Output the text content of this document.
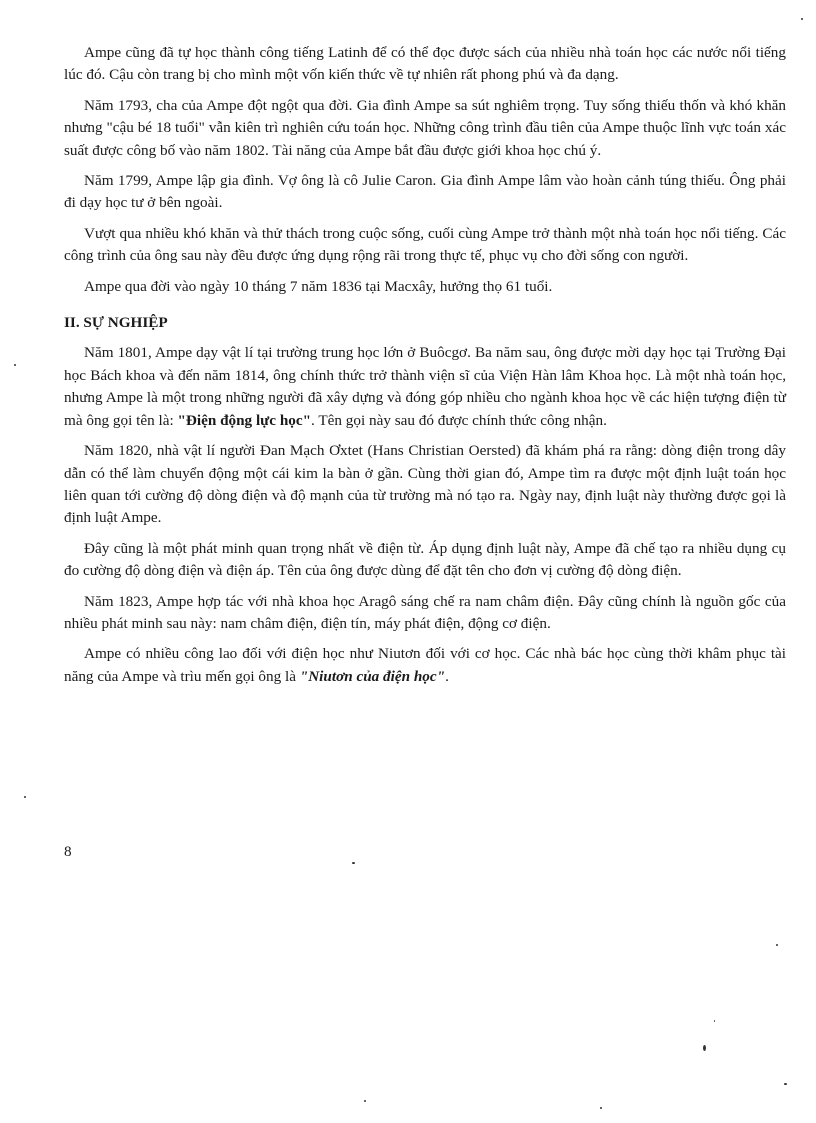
Ampe cũng đã tự học thành công tiếng Latinh để có thể đọc được sách của nhiều nhà toán học các nước nổi tiếng lúc đó. Cậu còn trang bị cho mình một vốn kiến thức về tự nhiên rất phong phú và đa dạng.

Năm 1793, cha của Ampe đột ngột qua đời. Gia đình Ampe sa sút nghiêm trọng. Tuy sống thiếu thốn và khó khăn nhưng "cậu bé 18 tuổi" vẫn kiên trì nghiên cứu toán học. Những công trình đầu tiên của Ampe thuộc lĩnh vực toán xác suất được công bố vào năm 1802. Tài năng của Ampe bắt đầu được giới khoa học chú ý.

Năm 1799, Ampe lập gia đình. Vợ ông là cô Julie Caron. Gia đình Ampe lâm vào hoàn cảnh túng thiếu. Ông phải đi dạy học tư ở bên ngoài.

Vượt qua nhiều khó khăn và thử thách trong cuộc sống, cuối cùng Ampe trở thành một nhà toán học nổi tiếng. Các công trình của ông sau này đều được ứng dụng rộng rãi trong thực tế, phục vụ cho đời sống con người.

Ampe qua đời vào ngày 10 tháng 7 năm 1836 tại Macxây, hưởng thọ 61 tuổi.

II. SỰ NGHIỆP

Năm 1801, Ampe dạy vật lí tại trường trung học lớn ở Buôcgơ. Ba năm sau, ông được mời dạy học tại Trường Đại học Bách khoa và đến năm 1814, ông chính thức trở thành viện sĩ của Viện Hàn lâm Khoa học. Là một nhà toán học, nhưng Ampe là một trong những người đã xây dựng và đóng góp nhiều cho ngành khoa học về các hiện tượng điện từ mà ông gọi tên là: "Điện động lực học". Tên gọi này sau đó được chính thức công nhận.

Năm 1820, nhà vật lí người Đan Mạch Ơxtet (Hans Christian Oersted) đã khám phá ra rằng: dòng điện trong dây dẫn có thể làm chuyển động một cái kim la bàn ở gần. Cùng thời gian đó, Ampe tìm ra được một định luật toán học liên quan tới cường độ dòng điện và độ mạnh của từ trường mà nó tạo ra. Ngày nay, định luật này thường được gọi là định luật Ampe.

Đây cũng là một phát minh quan trọng nhất về điện từ. Áp dụng định luật này, Ampe đã chế tạo ra nhiều dụng cụ đo cường độ dòng điện và điện áp. Tên của ông được dùng để đặt tên cho đơn vị cường độ dòng điện.

Năm 1823, Ampe hợp tác với nhà khoa học Aragô sáng chế ra nam châm điện. Đây cũng chính là nguồn gốc của nhiều phát minh sau này: nam châm điện, điện tín, máy phát điện, động cơ điện.

Ampe có nhiều công lao đối với điện học như Niutơn đối với cơ học. Các nhà bác học cùng thời khâm phục tài năng của Ampe và trìu mến gọi ông là "Niutơn của điện học".

8
